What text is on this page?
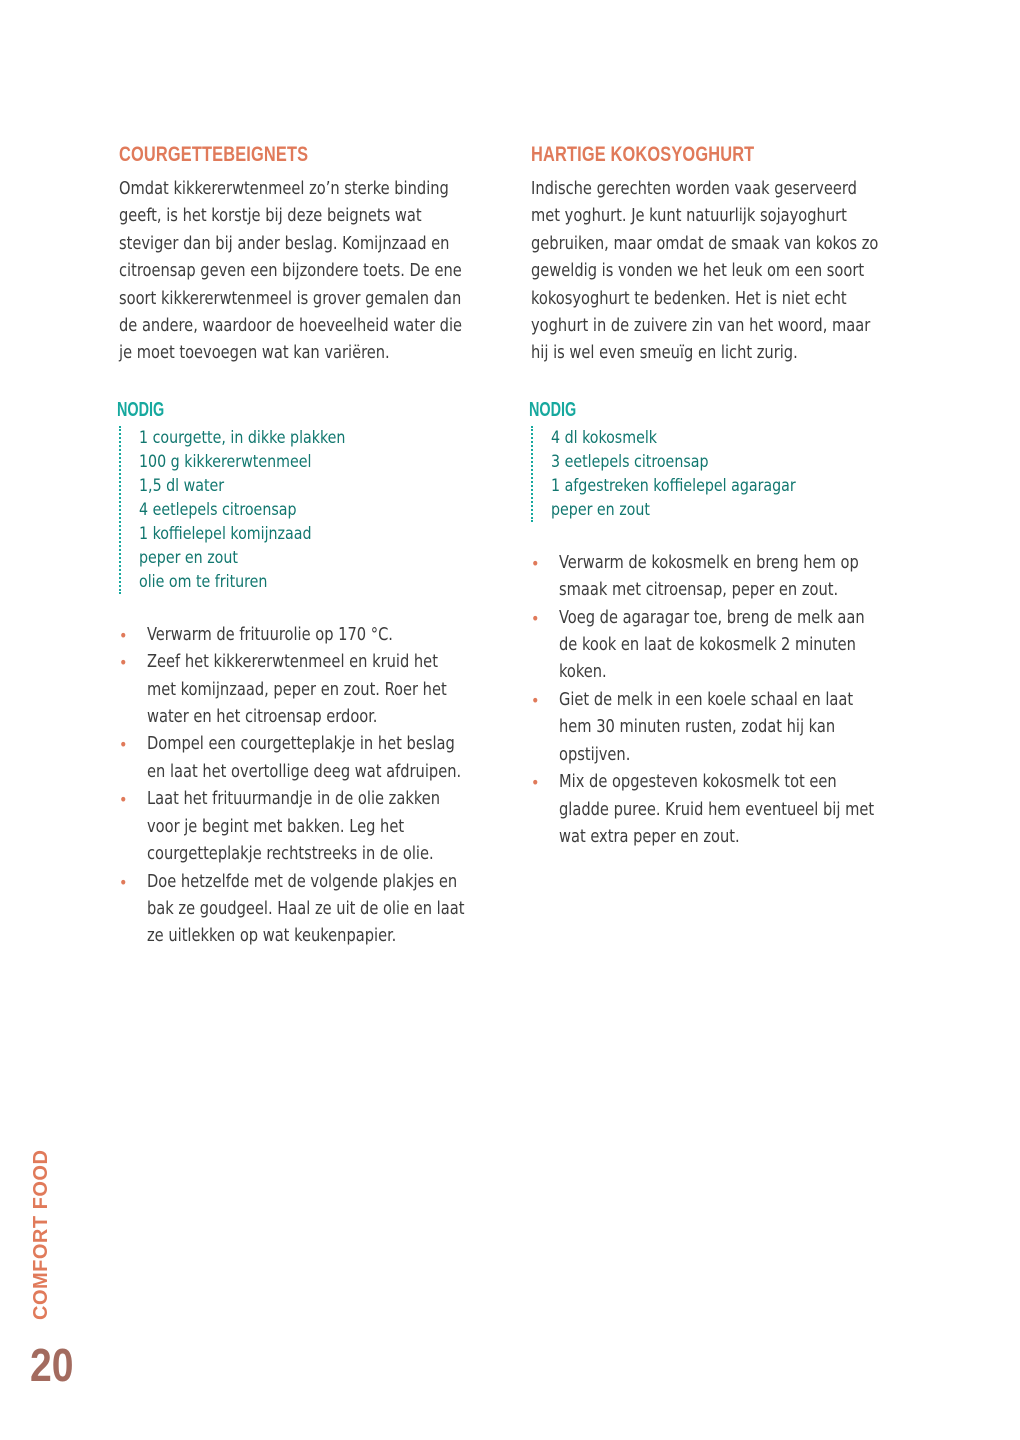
COURGETTEBEIGNETS
Omdat kikkererwtenmeel zo’n sterke binding
geeft, is het korstje bij deze beignets wat
steviger dan bij ander beslag. Komijnzaad en
citroensap geven een bijzondere toets. De ene
soort kikkererwtenmeel is grover gemalen dan
de andere, waardoor de hoeveelheid water die
je moet toevoegen wat kan variëren.
NODIG
1 courgette, in dikke plakken
100 g kikkererwtenmeel
1,5 dl water
4 eetlepels citroensap
1 koffielepel komijnzaad
peper en zout
olie om te frituren
• Verwarm de frituurolie op 170 °C.
• Zeef het kikkererwtenmeel en kruid het
met komijnzaad, peper en zout. Roer het
water en het citroensap erdoor.
• Dompel een courgetteplakje in het beslag
en laat het overtollige deeg wat afdruipen.
• Laat het frituurmandje in de olie zakken
voor je begint met bakken. Leg het
courgetteplakje rechtstreeks in de olie.
• Doe hetzelfde met de volgende plakjes en
bak ze goudgeel. Haal ze uit de olie en laat
ze uitlekken op wat keukenpapier.
HARTIGE KOKOSYOGHURT
Indische gerechten worden vaak geserveerd
met yoghurt. Je kunt natuurlijk sojayoghurt
gebruiken, maar omdat de smaak van kokos zo
geweldig is vonden we het leuk om een soort
kokosyoghurt te bedenken. Het is niet echt
yoghurt in de zuivere zin van het woord, maar
hij is wel even smeuïg en licht zurig.
NODIG
4 dl kokosmelk
3 eetlepels citroensap
1 afgestreken koffielepel agaragar
peper en zout
• Verwarm de kokosmelk en breng hem op
smaak met citroensap, peper en zout.
• Voeg de agaragar toe, breng de melk aan
de kook en laat de kokosmelk 2 minuten
koken.
• Giet de melk in een koele schaal en laat
hem 30 minuten rusten, zodat hij kan
opstijven.
• Mix de opgesteven kokosmelk tot een
gladde puree. Kruid hem eventueel bij met
wat extra peper en zout.
COMFORT FOOD
20
